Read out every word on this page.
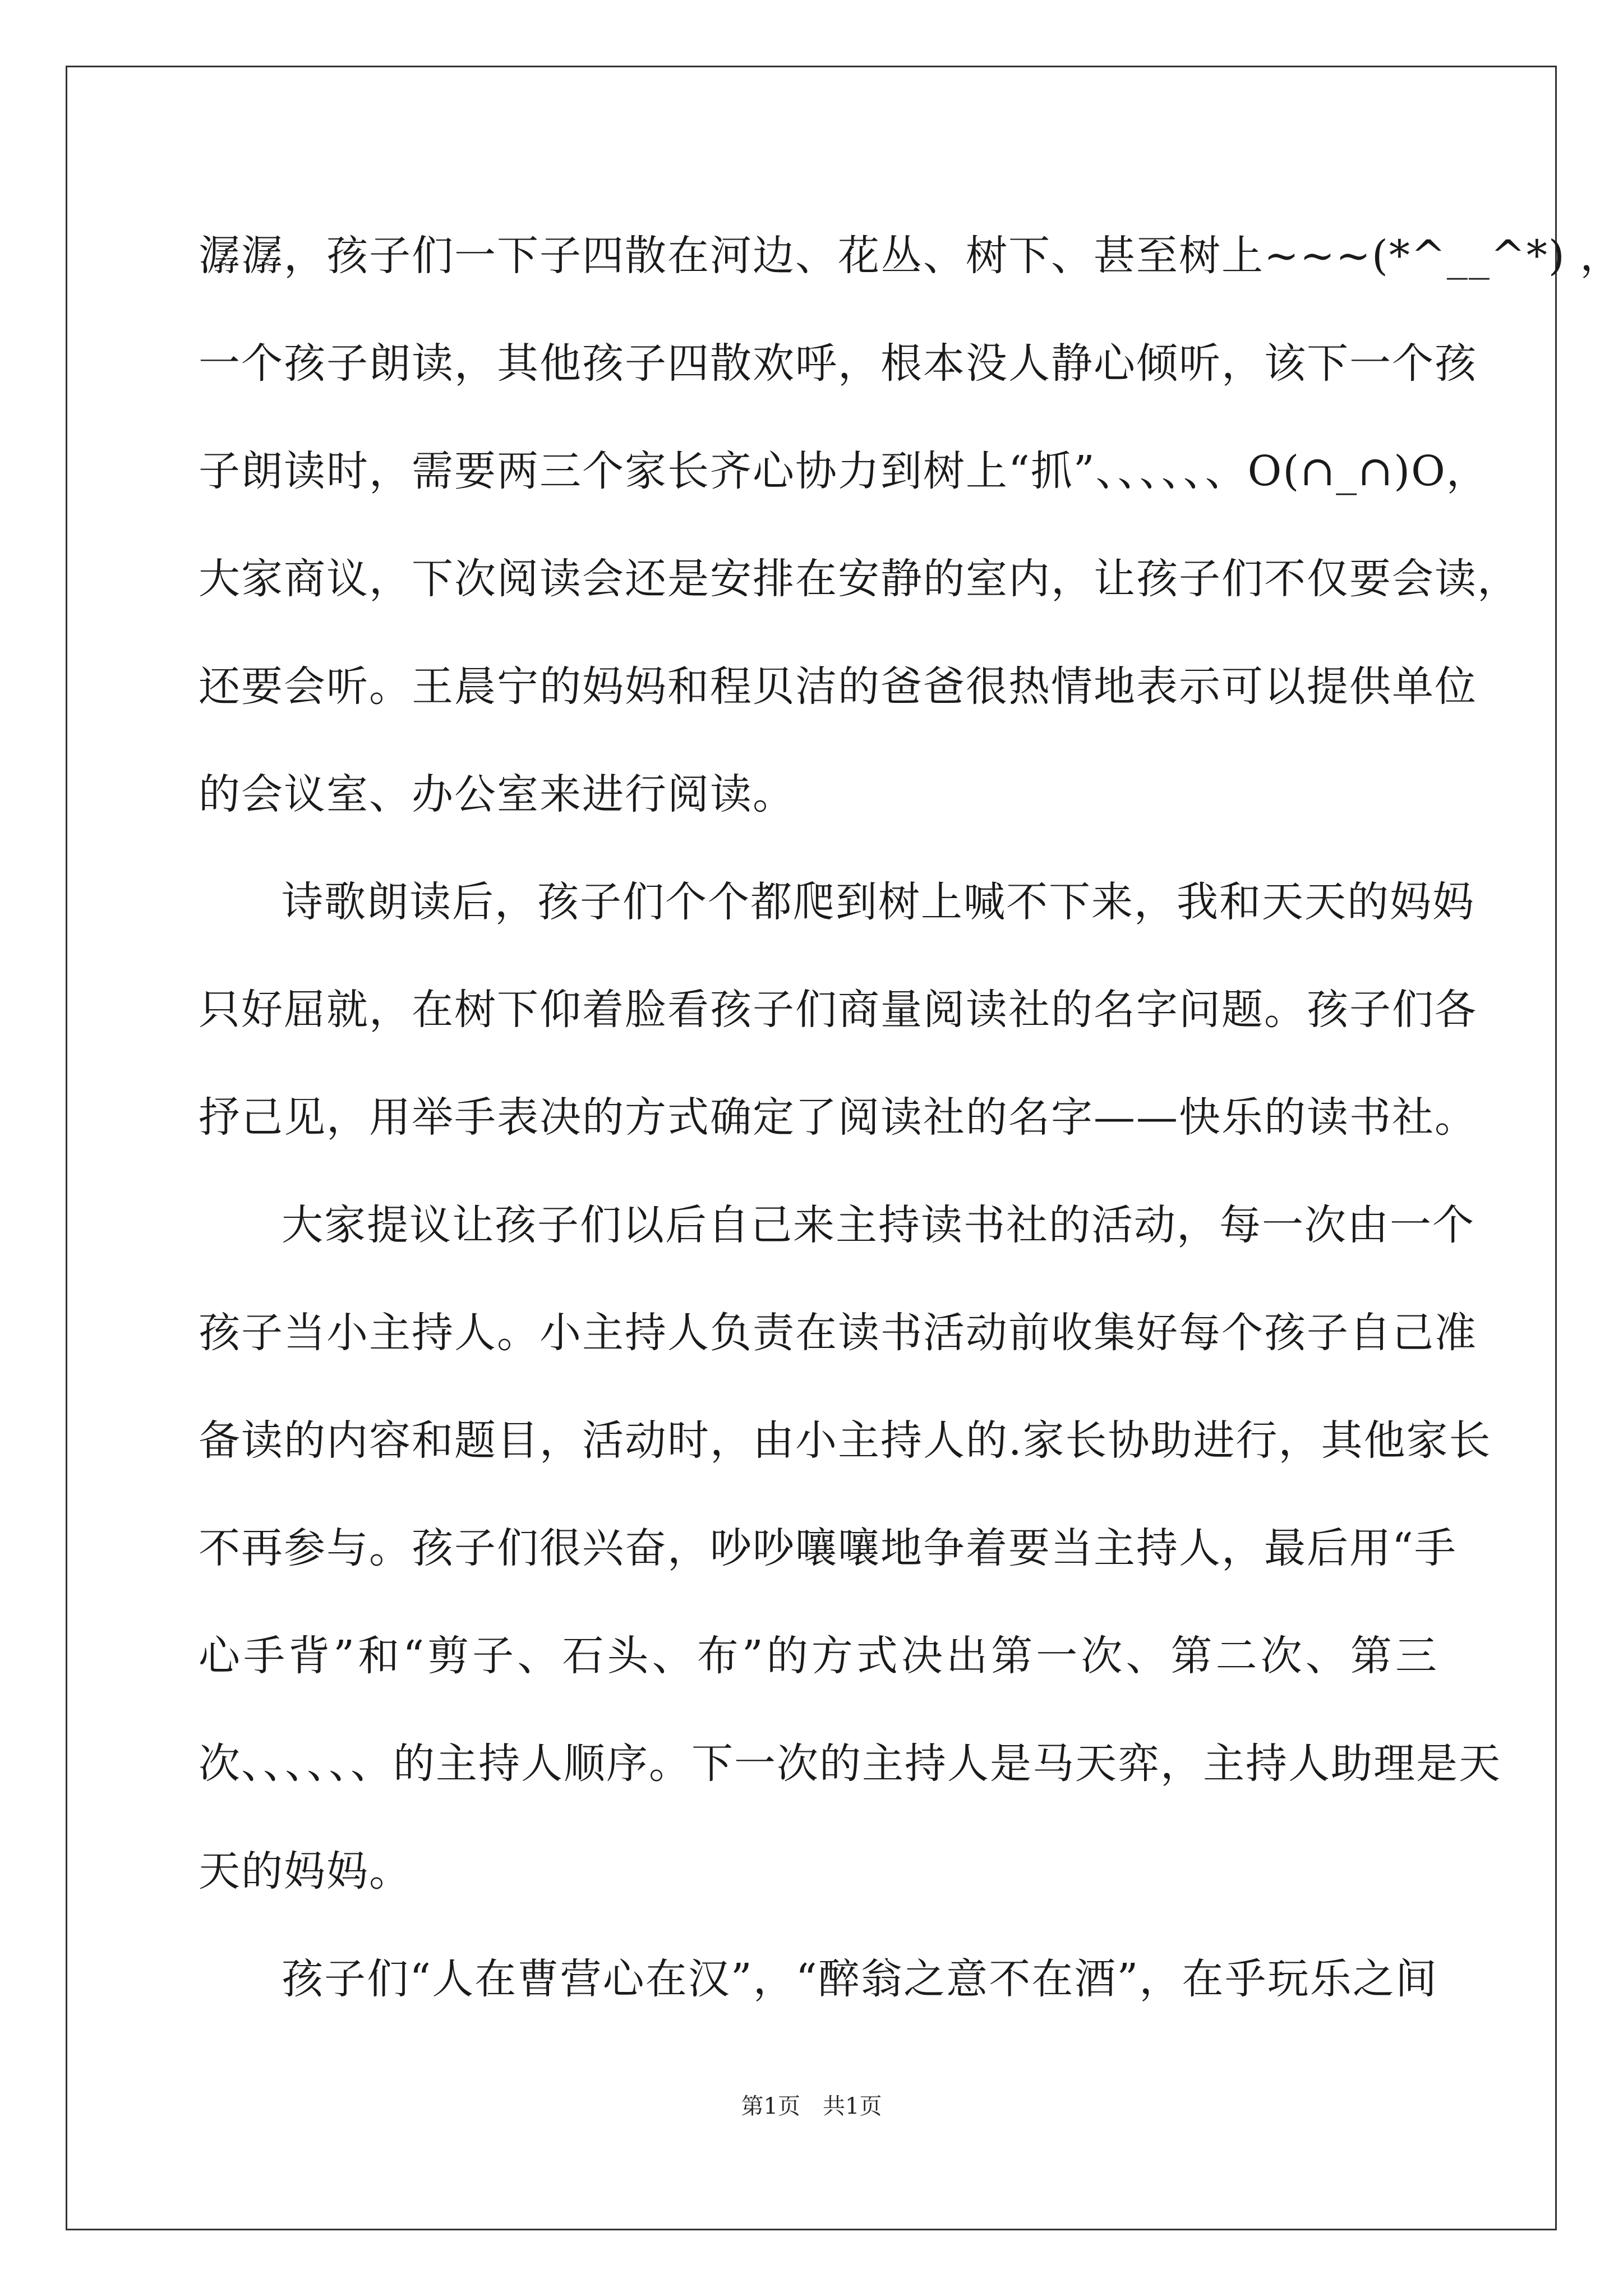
潺潺，孩子们一下子四散在河边、花丛、树下、甚至树上~~~(*^__^*) ，
一个孩子朗读，其他孩子四散欢呼，根本没人静心倾听，该下一个孩
子朗读时，需要两三个家长齐心协力到树上“抓”、、、、、、O(∩_∩)O，
大家商议，下次阅读会还是安排在安静的室内，让孩子们不仅要会读，
还要会听。王晨宁的妈妈和程贝洁的爸爸很热情地表示可以提供单位
的会议室、办公室来进行阅读。
诗歌朗读后，孩子们个个都爬到树上喊不下来，我和天天的妈妈
只好屈就，在树下仰着脸看孩子们商量阅读社的名字问题。孩子们各
抒己见，用举手表决的方式确定了阅读社的名字——快乐的读书社。
大家提议让孩子们以后自己来主持读书社的活动，每一次由一个
孩子当小主持人。小主持人负责在读书活动前收集好每个孩子自己准
备读的内容和题目，活动时，由小主持人的.家长协助进行，其他家长
不再参与。孩子们很兴奋，吵吵嚷嚷地争着要当主持人，最后用“手
心手背”和“剪子、石头、布”的方式决出第一次、第二次、第三
次、、、、、、的主持人顺序。下一次的主持人是马天弈，主持人助理是天
天的妈妈。
孩子们“人在曹营心在汉”，“醉翁之意不在酒”，在乎玩乐之间
第1页　共1页
